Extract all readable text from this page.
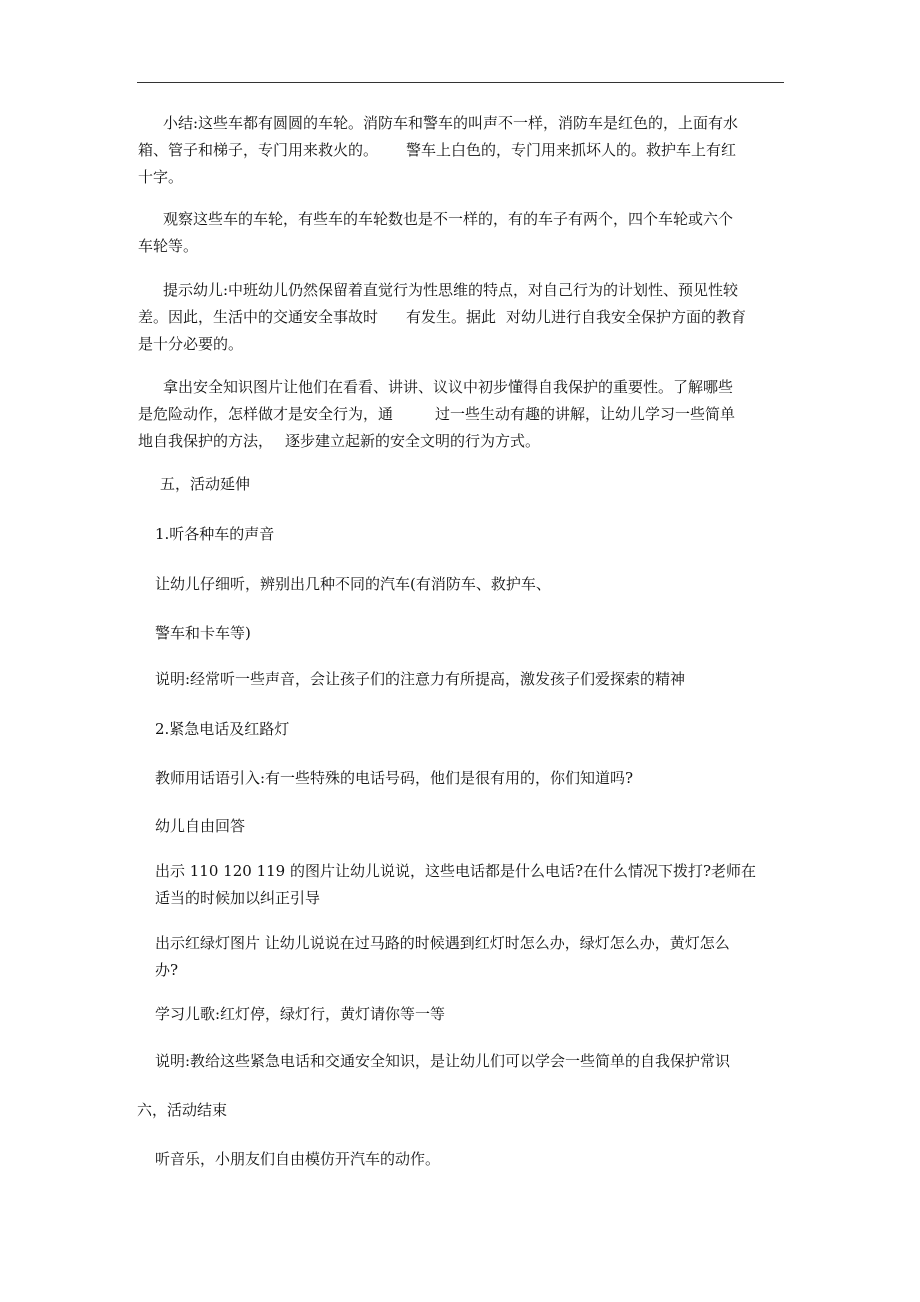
小结:这些车都有圆圆的车轮。消防车和警车的叫声不一样，消防车是红色的，上面有水
箱、管子和梯子，专门用来救火的。 警车上白色的，专门用来抓坏人的。救护车上有红
十字。
观察这些车的车轮，有些车的车轮数也是不一样的，有的车子有两个，四个车轮或六个
车轮等。
提示幼儿:中班幼儿仍然保留着直觉行为性思维的特点，对自己行为的计划性、预见性较
差。因此，生活中的交通安全事故时 有发生。据此 对幼儿进行自我安全保护方面的教育
是十分必要的。
拿出安全知识图片让他们在看看、讲讲、议议中初步懂得自我保护的重要性。了解哪些
是危险动作，怎样做才是安全行为，通	过一些生动有趣的讲解，让幼儿学习一些简单
地自我保护的方法， 逐步建立起新的安全文明的行为方式。
五，活动延伸
1.听各种车的声音
让幼儿仔细听，辨别出几种不同的汽车(有消防车、救护车、
警车和卡车等)
说明:经常听一些声音，会让孩子们的注意力有所提高，激发孩子们爱探索的精神
2.紧急电话及红路灯
教师用话语引入:有一些特殊的电话号码，他们是很有用的，你们知道吗?
幼儿自由回答
出示 110 120 119 的图片让幼儿说说，这些电话都是什么电话?在什么情况下拨打?老师在
适当的时候加以纠正引导
出示红绿灯图片 让幼儿说说在过马路的时候遇到红灯时怎么办，绿灯怎么办，黄灯怎么
办?
学习儿歌:红灯停，绿灯行，黄灯请你等一等
说明:教给这些紧急电话和交通安全知识，是让幼儿们可以学会一些简单的自我保护常识
六，活动结束
听音乐，小朋友们自由模仿开汽车的动作。
